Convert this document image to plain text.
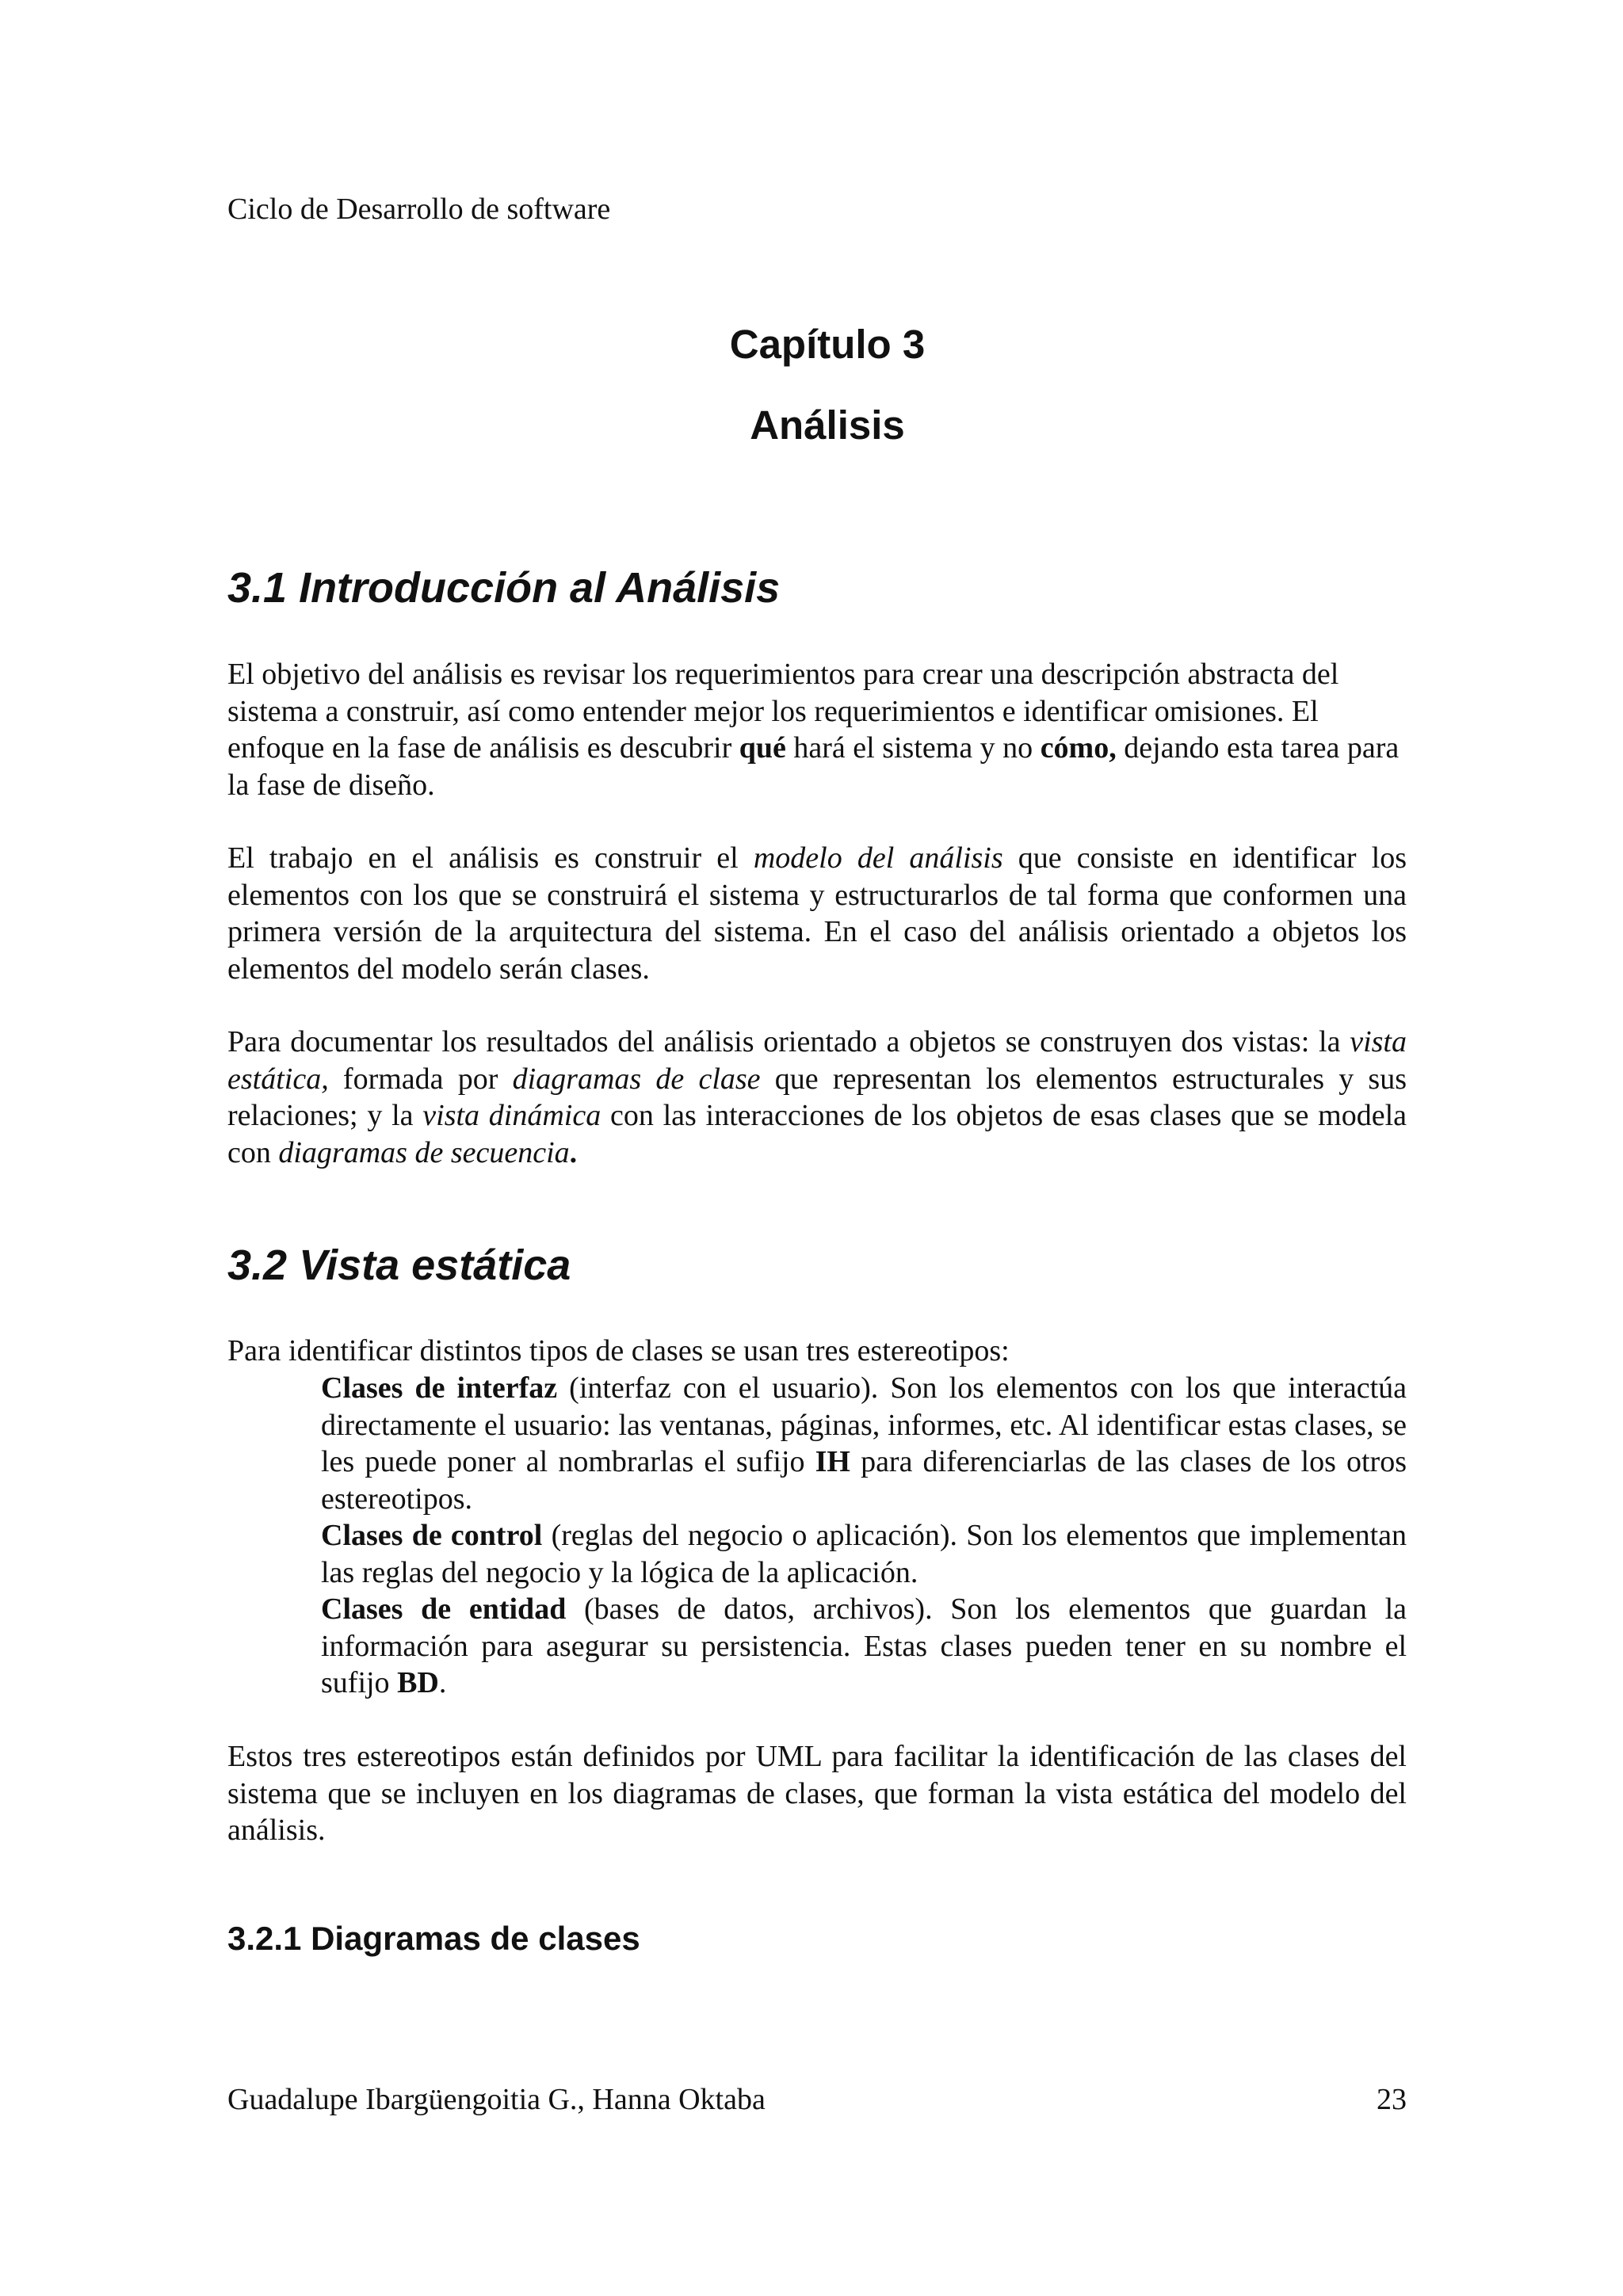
Ciclo de Desarrollo de software
Capítulo 3
Análisis
3.1 Introducción al Análisis

El objetivo del análisis es revisar los requerimientos para crear una descripción abstracta del sistema a construir, así como entender mejor los requerimientos e identificar omisiones. El enfoque en la fase de análisis es descubrir qué hará el sistema y no cómo, dejando esta tarea para la fase de diseño.

El trabajo en el análisis es construir el modelo del análisis que consiste en identificar los elementos con los que se construirá el sistema y estructurarlos de tal forma que conformen una primera versión de la arquitectura del sistema. En el caso del análisis orientado a objetos los elementos del modelo serán clases.

Para documentar los resultados del análisis orientado a objetos se construyen dos vistas: la vista estática, formada por diagramas de clase que representan los elementos estructurales y sus relaciones; y la vista dinámica con las interacciones de los objetos de esas clases que se modela con diagramas de secuencia.

3.2 Vista estática

Para identificar distintos tipos de clases se usan tres estereotipos:

Clases de interfaz (interfaz con el usuario). Son los elementos con los que interactúa directamente el usuario: las ventanas, páginas, informes, etc. Al identificar estas clases, se les puede poner al nombrarlas el sufijo IH para diferenciarlas de las clases de los otros estereotipos.

Clases de control (reglas del negocio o aplicación). Son los elementos que implementan las reglas del negocio y la lógica de la aplicación.

Clases de entidad (bases de datos, archivos). Son los elementos que guardan la información para asegurar su persistencia. Estas clases pueden tener en su nombre el sufijo BD.

Estos tres estereotipos están definidos por UML para facilitar la identificación de las clases del sistema que se incluyen en los diagramas de clases, que forman la vista estática del modelo del análisis.

3.2.1 Diagramas de clases
Guadalupe Ibargüengoitia G., Hanna Oktaba	23
